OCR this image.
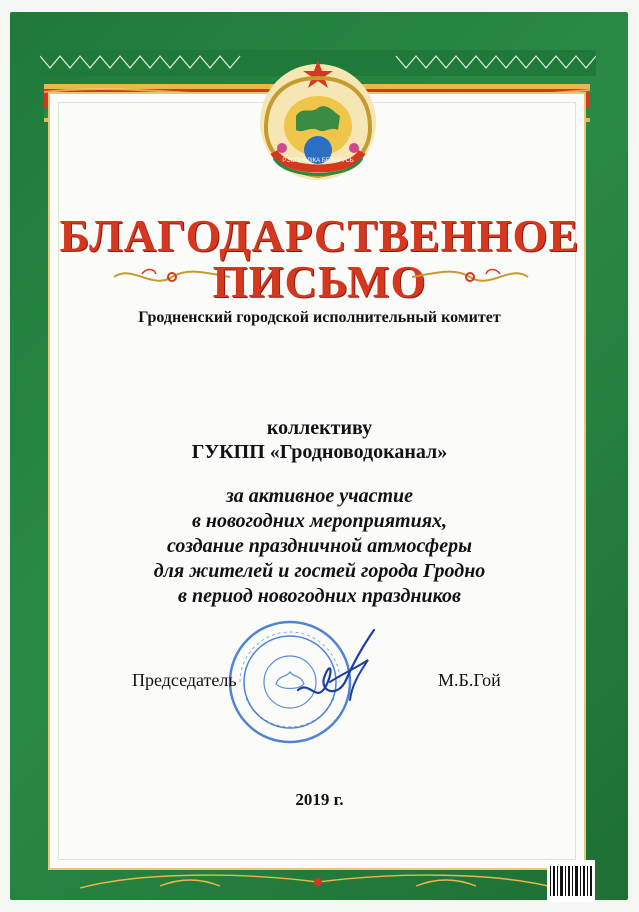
РЭСПУБЛІКА БЕЛАРУСЬ
БЛАГОДАРСТВЕННОЕ
ПИСЬМО
Гродненский городской исполнительный комитет
коллективу
ГУКПП «Гродноводоканал»
за активное участие
в новогодних мероприятиях,
создание праздничной атмосферы
для жителей и гостей города Гродно
в период новогодних праздников
Председатель	М.Б.Гой
2019 г.
